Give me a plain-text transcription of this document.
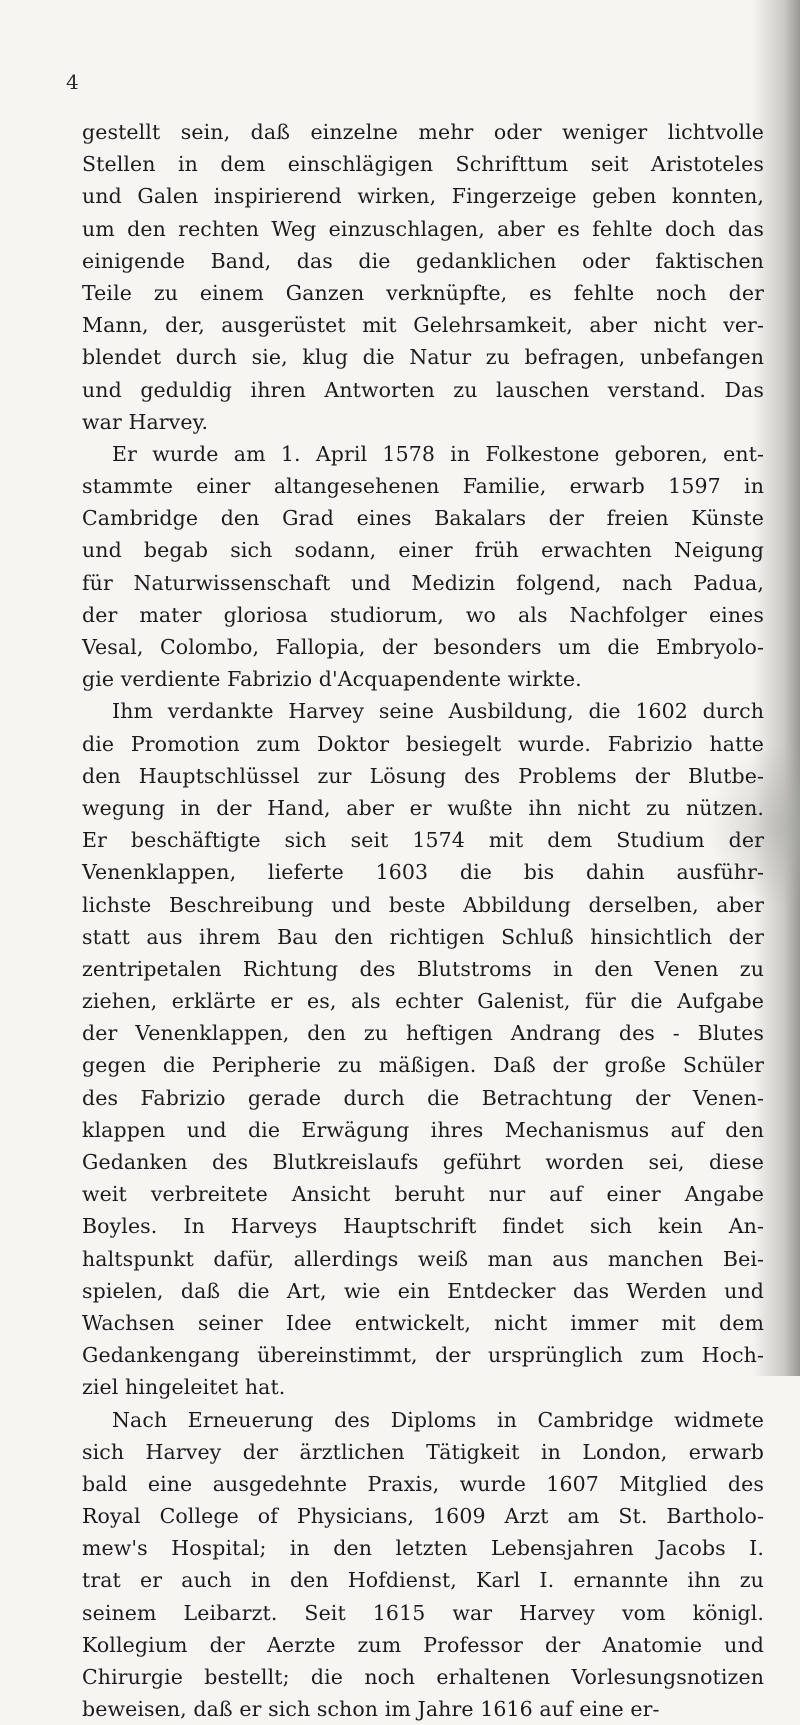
4
gestellt sein, daß einzelne mehr oder weniger lichtvolle
Stellen in dem einschlägigen Schrifttum seit Aristoteles
und Galen inspirierend wirken, Fingerzeige geben konnten,
um den rechten Weg einzuschlagen, aber es fehlte doch das
einigende Band, das die gedanklichen oder faktischen
Teile zu einem Ganzen verknüpfte, es fehlte noch der
Mann, der, ausgerüstet mit Gelehrsamkeit, aber nicht ver-
blendet durch sie, klug die Natur zu befragen, unbefangen
und geduldig ihren Antworten zu lauschen verstand. Das
war Harvey.
Er wurde am 1. April 1578 in Folkestone geboren, ent-
stammte einer altangesehenen Familie, erwarb 1597 in
Cambridge den Grad eines Bakalars der freien Künste
und begab sich sodann, einer früh erwachten Neigung
für Naturwissenschaft und Medizin folgend, nach Padua,
der mater gloriosa studiorum, wo als Nachfolger eines
Vesal, Colombo, Fallopia, der besonders um die Embryolo-
gie verdiente Fabrizio d'Acquapendente wirkte.
Ihm verdankte Harvey seine Ausbildung, die 1602 durch
die Promotion zum Doktor besiegelt wurde. Fabrizio hatte
den Hauptschlüssel zur Lösung des Problems der Blutbe-
wegung in der Hand, aber er wußte ihn nicht zu nützen.
Er beschäftigte sich seit 1574 mit dem Studium der
Venenklappen, lieferte 1603 die bis dahin ausführ-
lichste Beschreibung und beste Abbildung derselben, aber
statt aus ihrem Bau den richtigen Schluß hinsichtlich der
zentripetalen Richtung des Blutstroms in den Venen zu
ziehen, erklärte er es, als echter Galenist, für die Aufgabe
der Venenklappen, den zu heftigen Andrang des - Blutes
gegen die Peripherie zu mäßigen. Daß der große Schüler
des Fabrizio gerade durch die Betrachtung der Venen-
klappen und die Erwägung ihres Mechanismus auf den
Gedanken des Blutkreislaufs geführt worden sei, diese
weit verbreitete Ansicht beruht nur auf einer Angabe
Boyles. In Harveys Hauptschrift findet sich kein An-
haltspunkt dafür, allerdings weiß man aus manchen Bei-
spielen, daß die Art, wie ein Entdecker das Werden und
Wachsen seiner Idee entwickelt, nicht immer mit dem
Gedankengang übereinstimmt, der ursprünglich zum Hoch-
ziel hingeleitet hat.
Nach Erneuerung des Diploms in Cambridge widmete
sich Harvey der ärztlichen Tätigkeit in London, erwarb
bald eine ausgedehnte Praxis, wurde 1607 Mitglied des
Royal College of Physicians, 1609 Arzt am St. Bartholo-
mew's Hospital; in den letzten Lebensjahren Jacobs I.
trat er auch in den Hofdienst, Karl I. ernannte ihn zu
seinem Leibarzt. Seit 1615 war Harvey vom königl.
Kollegium der Aerzte zum Professor der Anatomie und
Chirurgie bestellt; die noch erhaltenen Vorlesungsnotizen
beweisen, daß er sich schon im Jahre 1616 auf eine er-
